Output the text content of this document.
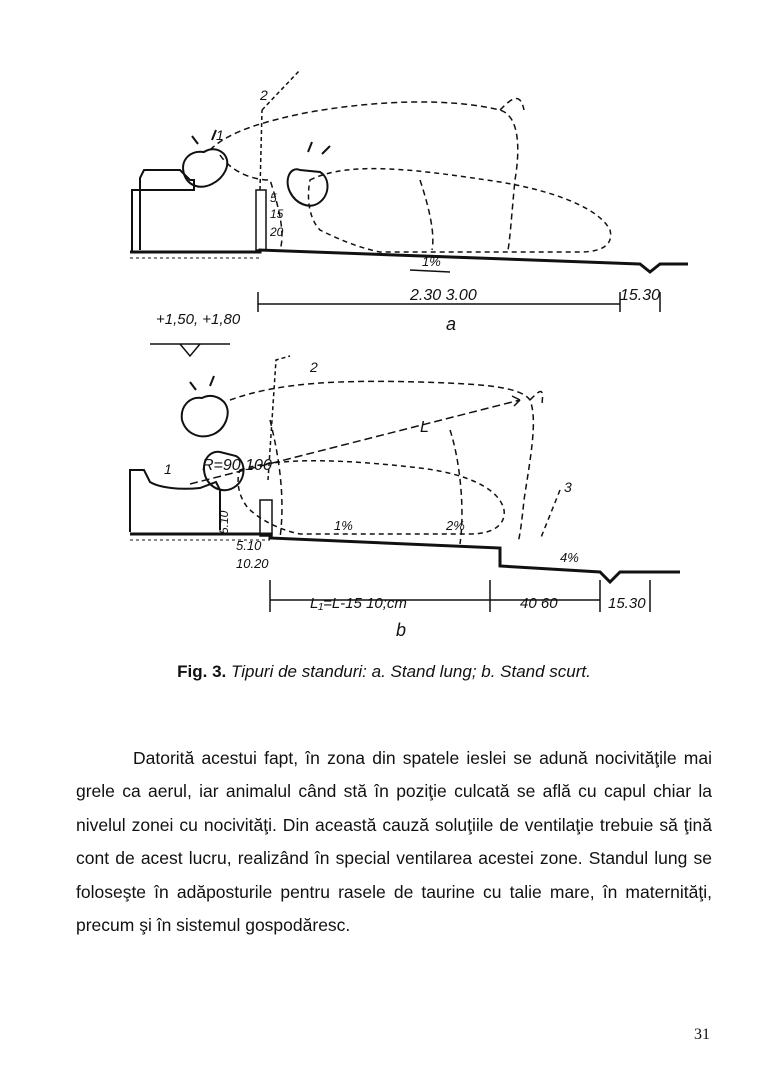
+1,50, +1,80
2.30 3.00	15.30
1%
5
15
20
1
2
a
R=90 100
L
1%	2%
4%
L₁=L-15 10;cm	40 60	15.30
5.10
10.20
5.10
1
2
3
b
Fig. 3. Tipuri de standuri: a. Stand lung; b. Stand scurt.

Datorită acestui fapt, în zona din spatele ieslei se adună nocivităţile mai grele ca aerul, iar animalul când stă în poziţie culcată se află cu capul chiar la nivelul zonei cu nocivităţi. Din această cauză soluţiile de ventilaţie trebuie să ţină cont de acest lucru, realizând în special ventilarea acestei zone. Standul lung se foloseşte în adăposturile pentru rasele de taurine cu talie mare, în maternităţi, precum şi în sistemul gospodăresc.

31
